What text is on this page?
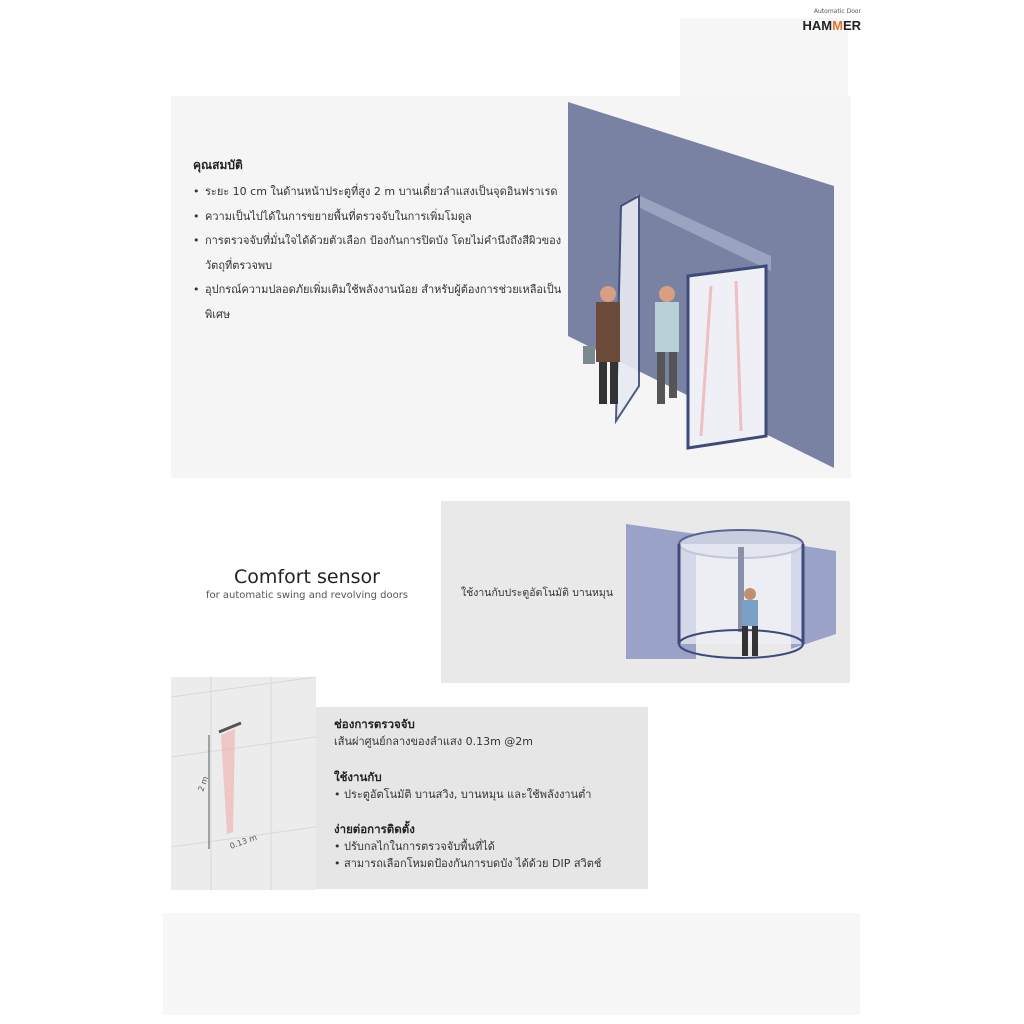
Automatic Door
HAMMER
คุณสมบัติ
• ระยะ 10 cm ในด้านหน้าประตูที่สูง 2 m บานเดี่ยวลำแสงเป็นจุดอินฟราเรด
• ความเป็นไปได้ในการขยายพื้นที่ตรวจจับในการเพิ่มโมดูล
• การตรวจจับที่มั่นใจได้ด้วยตัวเลือก ป้องกันการปิดบัง โดยไม่คำนึงถึงสีผิวของวัตถุที่ตรวจพบ
• อุปกรณ์ความปลอดภัยเพิ่มเติมใช้พลังงานน้อย สำหรับผู้ต้องการช่วยเหลือเป็นพิเศษ
Comfort sensor
for automatic swing and revolving doors	ใช้งานกับประตูอัตโนมัติ บานหมุน
2 m
0.13 m
ช่องการตรวจจับ
เส้นผ่าศูนย์กลางของลำแสง 0.13m @2m
ใช้งานกับ
• ประตูอัตโนมัติ บานสวิง, บานหมุน และใช้พลังงานต่ำ
ง่ายต่อการติดตั้ง
• ปรับกลไกในการตรวจจับพื้นที่ได้
• สามารถเลือกโหมดป้องกันการบดบัง ได้ด้วย DIP สวิตช์
